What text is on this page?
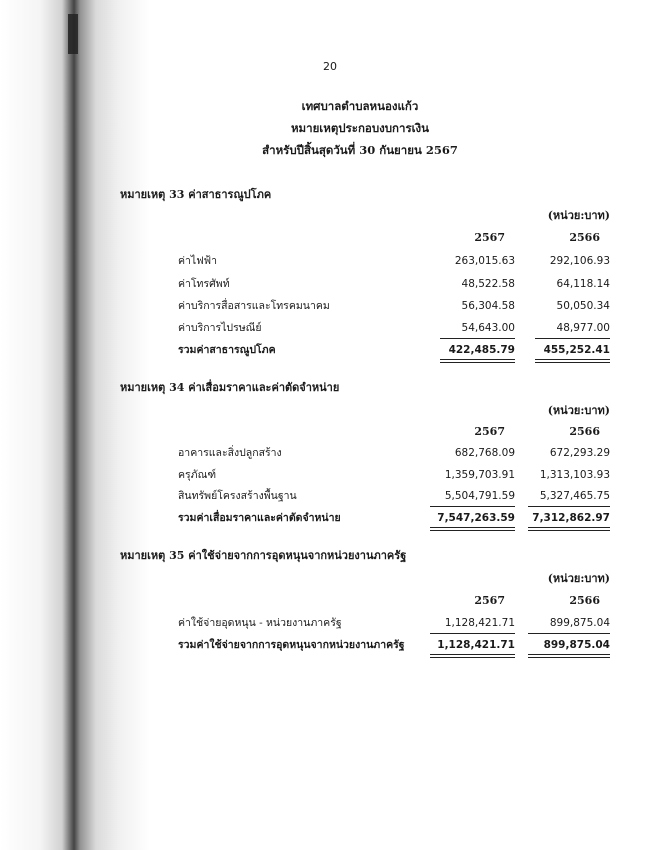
20
เทศบาลตำบลหนองแก้ว
หมายเหตุประกอบงบการเงิน
สำหรับปีสิ้นสุดวันที่ 30 กันยายน 2567
หมายเหตุ 33 ค่าสาธารณูปโภค
(หน่วย:บาท)
2567	2566
ค่าไฟฟ้า	263,015.63	292,106.93
ค่าโทรศัพท์	48,522.58	64,118.14
ค่าบริการสื่อสารและโทรคมนาคม	56,304.58	50,050.34
ค่าบริการไปรษณีย์	54,643.00	48,977.00
รวมค่าสาธารณูปโภค	422,485.79	455,252.41
หมายเหตุ 34 ค่าเสื่อมราคาและค่าตัดจำหน่าย
(หน่วย:บาท)
2567	2566
อาคารและสิ่งปลูกสร้าง	682,768.09	672,293.29
ครุภัณฑ์	1,359,703.91	1,313,103.93
สินทรัพย์โครงสร้างพื้นฐาน	5,504,791.59	5,327,465.75
รวมค่าเสื่อมราคาและค่าตัดจำหน่าย	7,547,263.59	7,312,862.97
หมายเหตุ 35 ค่าใช้จ่ายจากการอุดหนุนจากหน่วยงานภาครัฐ
(หน่วย:บาท)
2567	2566
ค่าใช้จ่ายอุดหนุน - หน่วยงานภาครัฐ	1,128,421.71	899,875.04
รวมค่าใช้จ่ายจากการอุดหนุนจากหน่วยงานภาครัฐ	1,128,421.71	899,875.04
